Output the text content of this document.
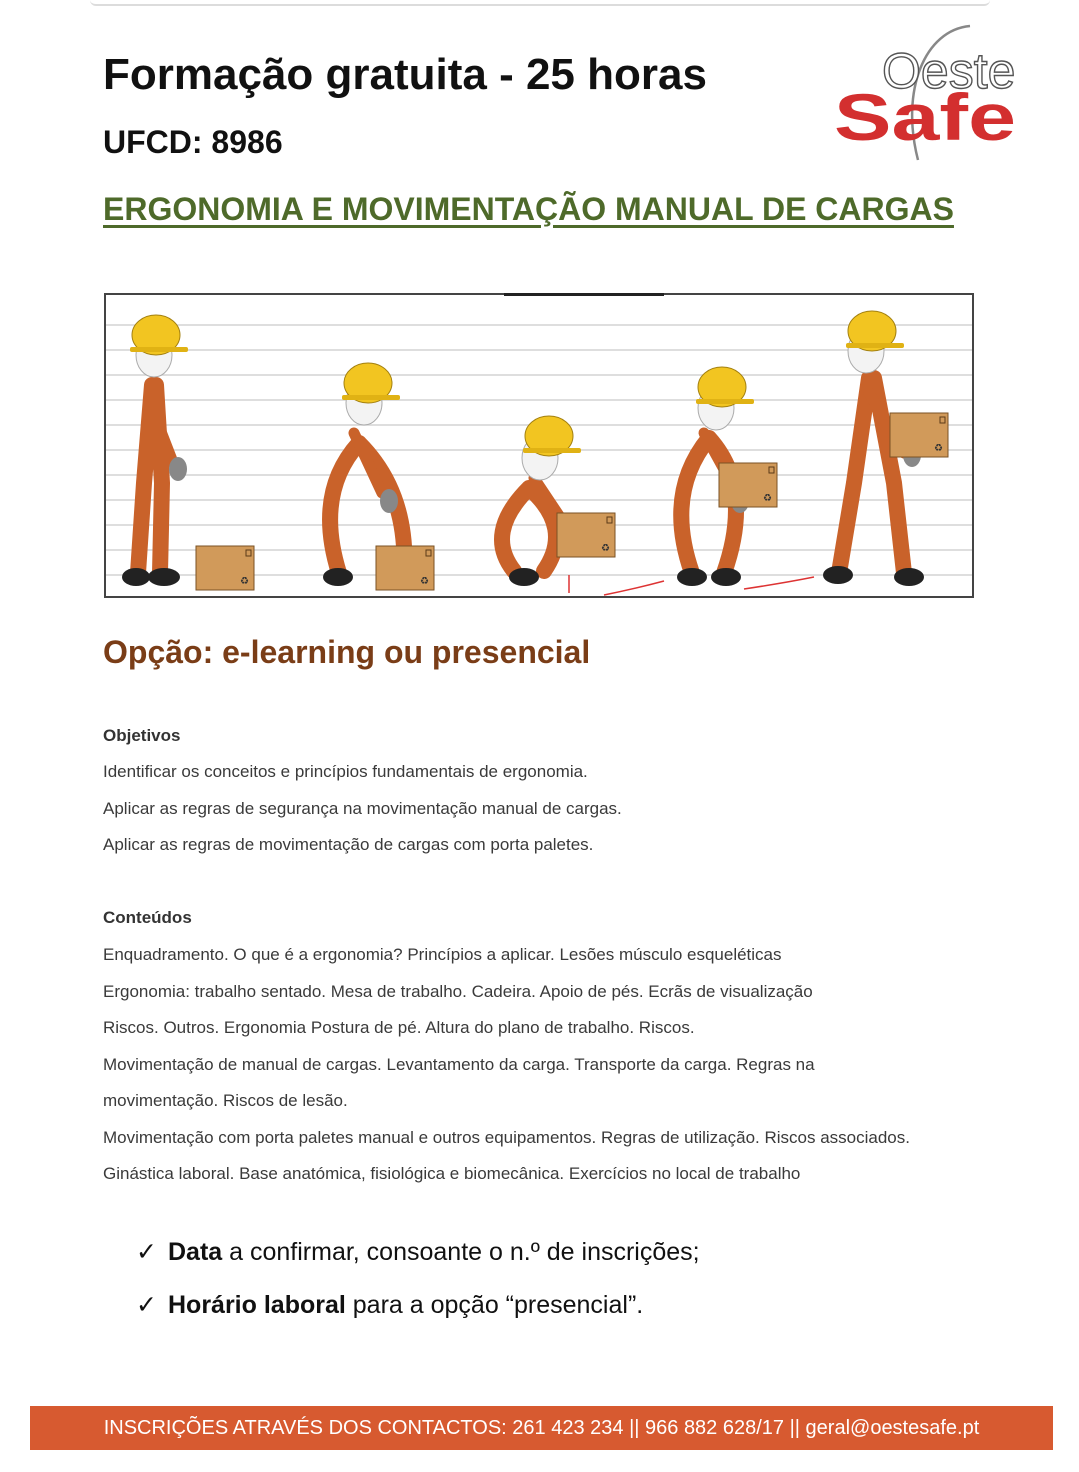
Formação gratuita - 25 horas
UFCD: 8986
ERGONOMIA E MOVIMENTAÇÃO MANUAL DE CARGAS
Oeste
Safe
Opção: e-learning ou presencial
Objetivos

Identificar os conceitos e princípios fundamentais de ergonomia.

Aplicar as regras de segurança na movimentação manual de cargas.

Aplicar as regras de movimentação de cargas com porta paletes.

Conteúdos

Enquadramento. O que é a ergonomia? Princípios a aplicar. Lesões músculo esqueléticas

Ergonomia: trabalho sentado. Mesa de trabalho. Cadeira. Apoio de pés. Ecrãs de visualização

Riscos. Outros. Ergonomia Postura de pé. Altura do plano de trabalho. Riscos.

Movimentação de manual de cargas. Levantamento da carga. Transporte da carga. Regras na

movimentação. Riscos de lesão.

Movimentação com porta paletes manual e outros equipamentos. Regras de utilização. Riscos associados.

Ginástica laboral. Base anatómica, fisiológica e biomecânica. Exercícios no local de trabalho

✓ Data a confirmar, consoante o n.º de inscrições;

✓ Horário laboral para a opção “presencial”.

INSCRIÇÕES ATRAVÉS DOS CONTACTOS: 261 423 234 || 966 882 628/17 || geral@oestesafe.pt
